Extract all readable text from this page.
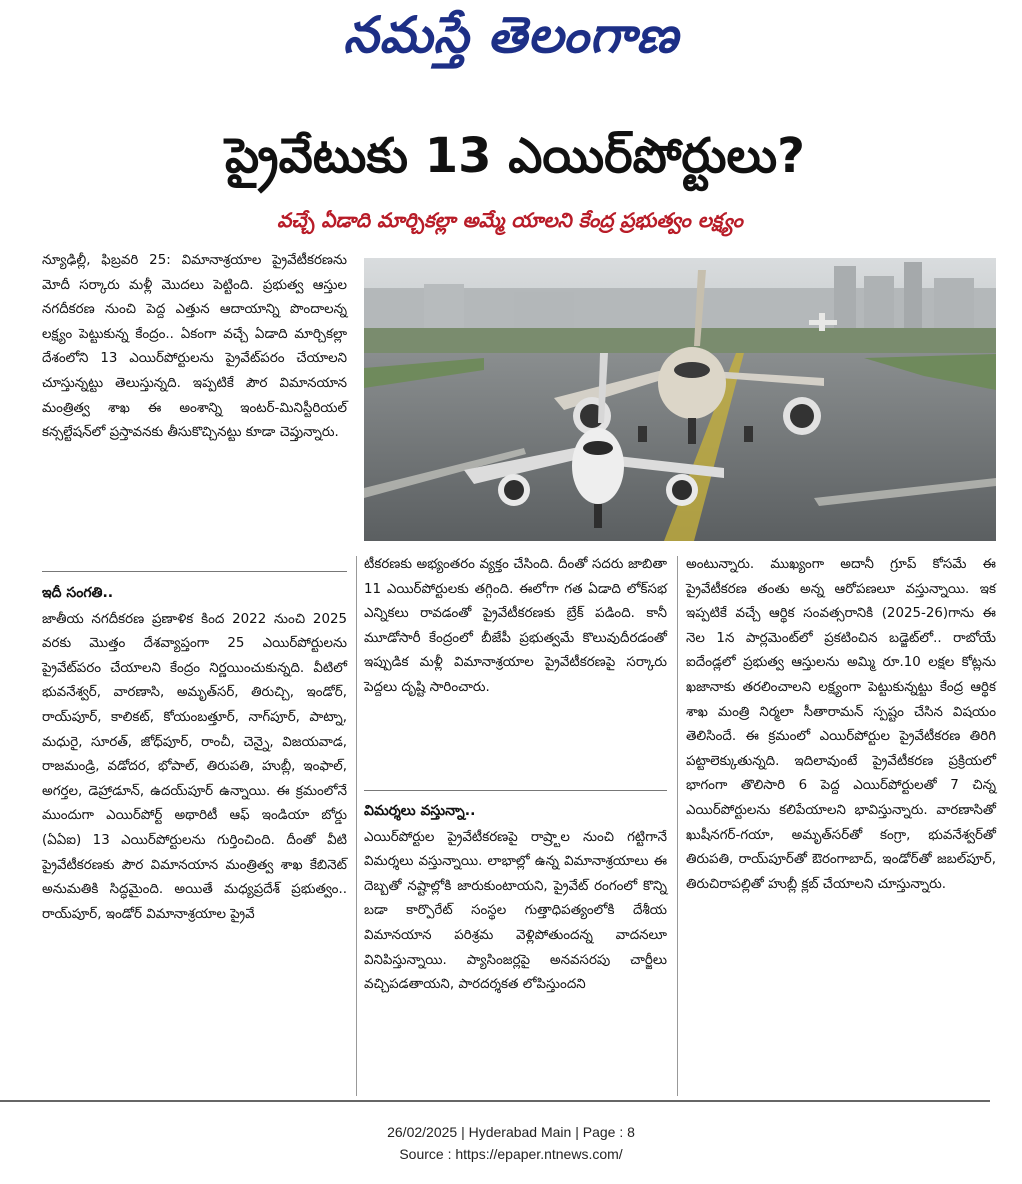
నమస్తే తెలంగాణ
ప్రైవేటుకు 13 ఎయిర్‌పోర్టులు?
వచ్చే ఏడాది మార్చికల్లా అమ్మే యాలని కేంద్ర ప్రభుత్వం లక్ష్యం

న్యూఢిల్లీ, ఫిబ్రవరి 25: విమానాశ్రయాల ప్రైవేటీకరణను మోదీ సర్కారు మళ్లీ మొదలు పెట్టింది. ప్రభుత్వ ఆస్తుల నగదీకరణ నుంచి పెద్ద ఎత్తున ఆదాయాన్ని పొందాలన్న లక్ష్యం పెట్టుకున్న కేంద్రం.. ఏకంగా వచ్చే ఏడాది మార్చికల్లా దేశంలోని 13 ఎయిర్‌పోర్టులను ప్రైవేట్‌పరం చేయాలని చూస్తున్నట్టు తెలుస్తున్నది. ఇప్పటికే పౌర విమానయాన మంత్రిత్వ శాఖ ఈ అంశాన్ని ఇంటర్-మినిస్టీరియల్ కన్సల్టేషన్‌లో ప్రస్తావనకు తీసుకొచ్చినట్టు కూడా చెప్తున్నారు.

ఇదీ సంగతి..

జాతీయ నగదీకరణ ప్రణాళిక కింద 2022 నుంచి 2025 వరకు మొత్తం దేశవ్యాప్తంగా 25 ఎయిర్‌పోర్టులను ప్రైవేట్‌పరం చేయాలని కేంద్రం నిర్ణయించుకున్నది. వీటిలో భువనేశ్వర్, వారణాసి, అమృత్‌సర్, తిరుచ్చి, ఇండోర్, రాయ్‌పూర్, కాలికట్, కోయంబత్తూర్, నాగ్‌పూర్, పాట్నా, మధురై, సూరత్, జోధ్‌పూర్, రాంచీ, చెన్నై, విజయవాడ, రాజమండ్రి, వడోదర, భోపాల్, తిరుపతి, హుబ్లీ, ఇంఫాల్, అగర్తల, డెహ్రాడూన్, ఉదయ్‌పూర్ ఉన్నాయి. ఈ క్రమంలోనే ముందుగా ఎయిర్‌పోర్ట్ అథారిటీ ఆఫ్ ఇండియా బోర్డు (ఏఏఐ) 13 ఎయిర్‌పోర్టులను గుర్తించింది. దీంతో వీటి ప్రైవేటీకరణకు పౌర విమానయాన మంత్రిత్వ శాఖ కేబినెట్ అనుమతికి సిద్ధమైంది. అయితే మధ్యప్రదేశ్ ప్రభుత్వం.. రాయ్‌పూర్, ఇండోర్ విమానాశ్రయాల ప్రైవే

టీకరణకు అభ్యంతరం వ్యక్తం చేసింది. దీంతో సదరు జాబితా 11 ఎయిర్‌పోర్టులకు తగ్గింది. ఈలోగా గత ఏడాది లోక్‌సభ ఎన్నికలు రావడంతో ప్రైవేటీకరణకు బ్రేక్ పడింది. కానీ మూడోసారీ కేంద్రంలో బీజేపీ ప్రభుత్వమే కొలువుదీరడంతో ఇప్పుడిక మళ్లీ విమానాశ్రయాల ప్రైవేటీకరణపై సర్కారు పెద్దలు దృష్టి సారించారు.

విమర్శలు వస్తున్నా..

ఎయిర్‌పోర్టుల ప్రైవేటీకరణపై రాష్ర్టాల నుంచి గట్టిగానే విమర్శలు వస్తున్నాయి. లాభాల్లో ఉన్న విమానాశ్రయాలు ఈ దెబ్బతో నష్టాల్లోకి జారుకుంటాయని, ప్రైవేట్ రంగంలో కొన్ని బడా కార్పొరేట్ సంస్థల గుత్తాధిపత్యంలోకి దేశీయ విమానయాన పరిశ్రమ వెళ్లిపోతుందన్న వాదనలూ వినిపిస్తున్నాయి. ప్యాసింజర్లపై అనవసరపు చార్జీలు వచ్చిపడతాయని, పారదర్శకత లోపిస్తుందని

అంటున్నారు. ముఖ్యంగా అదానీ గ్రూప్ కోసమే ఈ ప్రైవేటీకరణ తంతు అన్న ఆరోపణలూ వస్తున్నాయి. ఇక ఇప్పటికే వచ్చే ఆర్థిక సంవత్సరానికి (2025-26)గాను ఈ నెల 1న పార్లమెంట్‌లో ప్రకటించిన బడ్జెట్‌లో.. రాబోయే ఐదేండ్లలో ప్రభుత్వ ఆస్తులను అమ్మి రూ.10 లక్షల కోట్లను ఖజానాకు తరలించాలని లక్ష్యంగా పెట్టుకున్నట్టు కేంద్ర ఆర్థిక శాఖ మంత్రి నిర్మలా సీతారామన్ స్పష్టం చేసిన విషయం తెలిసిందే. ఈ క్రమంలో ఎయిర్‌పోర్టుల ప్రైవేటీకరణ తిరిగి పట్టాలెక్కుతున్నది. ఇదిలావుంటే ప్రైవేటీకరణ ప్రక్రియలో భాగంగా తొలిసారి 6 పెద్ద ఎయిర్‌పోర్టులతో 7 చిన్న ఎయిర్‌పోర్టులను కలిపేయాలని భావిస్తున్నారు. వారణాసితో ఖుషీనగర్-గయా, అమృత్‌సర్‌తో కంగ్రా, భువనేశ్వర్‌తో తిరుపతి, రాయ్‌పూర్‌తో ఔరంగాబాద్, ఇండోర్‌తో జబల్‌పూర్, తిరుచిరాపల్లితో హుబ్లీ క్లబ్ చేయాలని చూస్తున్నారు.

26/02/2025 | Hyderabad Main | Page : 8
Source : https://epaper.ntnews.com/
